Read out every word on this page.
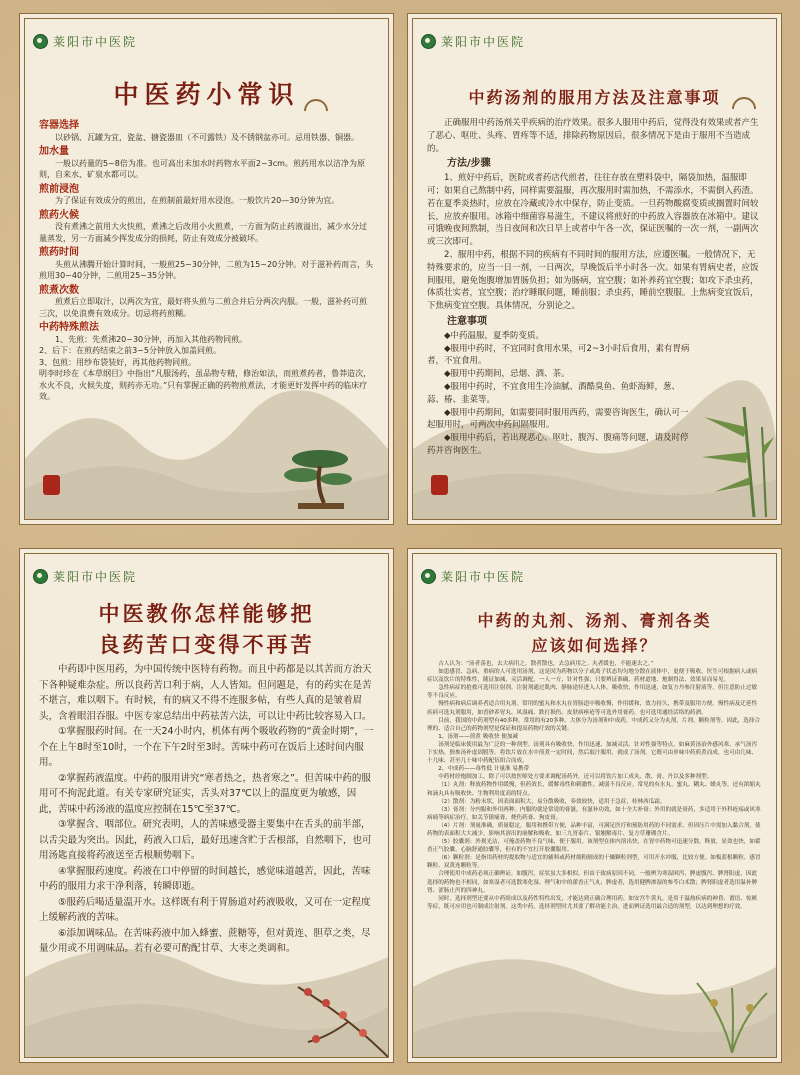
莱阳市中医院
中医药小常识
容器选择
以砂锅、瓦罐为宜，瓷盆、搪瓷器皿（不可露铁）及不锈钢盆亦可。忌用铁器、铜器。
加水量
一般以药量的5~8倍为准。也可高出末加水时药物水平面2~3cm。煎药用水以洁净为原则，自来水、矿泉水都可以。
煎前浸泡
为了保证有效成分的煎出，在煎制前最好用水浸泡。一般饮片20—30分钟为宜。
煎药火候
没有煮沸之前用大火快煎，煮沸之后改用小火煎煮，一方面为防止药液溢出，减少水分过量蒸发，另一方面减少挥发成分的损耗，防止有效成分被破坏。
煎药时间
头煎从沸腾开始计算时间，一般煎25~30分钟，二煎为15~20分钟。对于滋补药而言，头煎用30~40分钟，二煎用25~35分钟。
煎煮次数
煎煮后立即取汁，以两次为宜，最好将头煎与二煎合并后分两次内服。一般，滋补药可煎三次，以免浪费有效成分。切忌将药煎糊。
中药特殊煎法
1、先煎：先煮沸20~30分钟，再加入其他药物同煎。
2、后下：在煎药结束之前3~5分钟放入加盖同煎。
3、包煎：用纱布袋装好，再其他药物同煎。
明李时珍在《本草纲目》中指出“凡服汤药，虽品物专精，修治如法，而煎煮药者，鲁莽造次，水火不良，火候失度，则药亦无功。”只有掌握正确的药物煎煮法，才能更好发挥中药的临床疗效。
莱阳市中医院
中药汤剂的服用方法及注意事项

正确服用中药汤剂关乎疾病的治疗效果。很多人服用中药后，觉得没有效果或者产生了恶心、呕吐、头疼、胃疼等不适，排除药物原因后，很多情况下是由于服用不当造成的。

方法/步骤
1、煎好中药后，医院或者药店代煎者，往往存放在塑料袋中，隔袋加热，温服即可；如果自己熬制中药，同样需要温服，再次服用时需加热，不需添水，不需倒入药渣。若在夏季炎热时，应放在冷藏或冷水中保存，防止变质。一旦药物酸腐变质或搁置时间较长，应放弃服用。冰箱中细菌容易滋生，不建议将煎好的中药放入容器放在冰箱中。建议可饿晚夜间熬制，当日夜间和次日早上或者中午各一次，保证医嘱的一次一剂，一副两次或三次即可。
2、服用中药，根据不同的疾病有不同时间的服用方法，应遵医嘱。一般情况下，无特殊要求的，应当一日一剂，一日两次，早晚饭后半小时各一次。如果有胃病史者，应饭间服用，避免饱腹增加胃肠负担；如为肠病，宜空腹；如补养药宜空腹；如攻下杀虫药，体质壮实者，宜空腹；治疗睡眠问题，睡前服；杀虫药，睡前空腹服。上焦病变宜饭后，下焦病变宜空腹。具体情况，分别论之。
注意事项
◆中药温服，夏季防变质。
◆服用中药时，不宜同时食用水果，可2~3小时后食用，素有胃病者，不宜食用。
◆服用中药期间，忌烟、酒、茶。
◆服用中药时，不宜食用生冷油腻、酒酷臭鱼、鱼虾海鲜，葱、蒜、椿、韭菜等。
◆服用中药期间，如需要同时服用西药，需要咨询医生，确认可一起服用时，可两次中药间隔服用。
◆服用中药后，若出现恶心、呕吐、腹泻、腹痛等问题，请及时停药并咨询医生。
莱阳市中医院
中医教你怎样能够把
良药苦口变得不再苦
中药即中医用药，为中国传统中医特有药物。而且中药都是以其苦而方治天下各种疑难杂症。所以良药苦口利于病，人人皆知。但问题是，有的药实在是苦不堪言，难以咽下。有时候，有的病又不得不连服多帖，有些人真的是皱着眉头，含着眼泪吞服。中医专家总结出中药祛苦六法，可以让中药比较容易入口。
①掌握服药时间。在一天24小时内，机体有两个吸收药物的“黄金时期”，一个在上午8时至10时，一个在下午2时至3时。苦味中药可在饭后上述时间内服用。
②掌握药液温度。中药的服用讲究“寒者热之，热者寒之”。但苦味中药的服用可不拘泥此道。有关专家研究证实，舌头对37℃以上的温度更为敏感，因此，苦味中药汤液的温度应控制在15℃至37℃。
③掌握含、咽部位。研究表明，人的苦味感受器主要集中在舌头的前半部，以舌尖最为突出。因此，药液入口后，最好迅速含贮于舌根部，自然咽下，也可用汤匙直接将药液送至舌根顺势咽下。
④掌握服药速度。药液在口中停留的时间越长，感觉味道越苦，因此，苦味中药的服用力求干净利落，转瞬即逝。
⑤服药后喝适量温开水。这样既有利于胃肠道对药液吸收，又可在一定程度上缓解药液的苦味。
⑥添加调味品。在苦味药液中加入蜂蜜、蔗糖等，但对黄连、胆草之类，尽量少用或不用调味品。若有必要可酌配甘草、大枣之类调和。
莱阳市中医院
中药的丸剂、汤剂、膏剂各类
应该如何选择？
古人认为：“汤者荡也，去大病用之。散者散也，去急病用之。丸者缓也，不能速去之。”
如患感冒、急病、重病的人可选用汤剂，这是因为药物以分子或离子状态均匀地分散在液体中，更便于吸收。医生可根据病人或病症以及饮片的特殊性，随证加减，灵活调配，一人一方，针对性强；只要辨证准确、药材道地、炮制得法，效果显而易见。
急性病症的抢救可选用注射剂。注射剂通过肌肉、静脉途径进入人体，吸收快，作用迅速，如复方丹参注射液等，但注意防止过敏等不良反应。
慢性病和病后调养者适合用丸剂。常用的蜜丸和水丸在胃肠道中吸收慢，作用缓和，效力持久，携带及服用方便。慢性病及迁延性疾病可选丸剂服用，如香砂养胃丸、风湿痛、跌打损伤、皮肤病痤疮等可选外用膏药，也可选用通经活络的药酒。
目前，我国的中药剂型有40多种，常用的有20多种。大体分为汤剂和中成药，中成药又分为丸剂、片剂、颗粒剂等。因此，选择合理的、适合自己的药物剂型是保证和提高药物疗效的关键。
1、汤剂——煎煮 吸收快 便加减
汤剂是临床使用最为广泛的一种剂型。汤剂具有吸收快、作用迅速、加减灵活、针对性强等特点。如麻黄汤治外感风寒、承气汤泻下实热、独参汤补虚固脱等。将饮片放在水中煎煮一定时间，然后取汁服用，就成了汤剂。它既可由单味中药煎煮而成，也可由几味、十几味、甚至几十味中药配伍组合而成。
2、中成药——毒性低 计量准 易携带
中药材经炮制加工，除了可以按医师处方要求调配汤药外，还可以将饮片加工成丸、散、膏、丹以及多种剂型。
（1）丸剂：释放药物作用缓慢，但药效长，缓解毒性和刺激性。减弱不良反应。常见的有水丸、蜜丸、糊丸、蜡丸等，还有浓缩丸和滴丸具有吸收快、生物利用度高的特点。
（2）散剂：为粉末状，因表面面积大，易分散吸收，奏效较快，适用于急症，桂林西瓜霜。
（3）膏剂：分内服和外用两种。内服的就是常说的膏滋，有滋补功效，如十全大补膏；外用的就是膏药，多适用于外科疮疡或风寒病痛等病症治疗，如关节镇痛膏、烧伤药膏、狗皮膏。
（4）片剂：剂量准确，质量稳定，服用和携带方便，品种丰富，可满足医疗和预防用药的不同需求，但因压片中需加入黏合剂，使药物的表面积大大减少，影响其溶出的崩解和吸收，如三九胃泰片、银翘解毒片、复方草珊瑚含片。
（5）胶囊剂：外观光洁，可掩盖药物不良气味，便于服用。该剂型在体内溶出快，在胃中药物可迅速分散，释放，显效也快，如藿香正气胶囊、心脑舒通胶囊等，但有的不宜打开胶囊服用。
（6）颗粒剂：是指用药材的提取物与适宜的辅料或药材细粉制成的干燥颗粒剂型，可用开水冲服，比较方便。如板蓝根颗粒、感冒颗粒、双黄连颗粒等。
合理使用中成药必须正确辨证。如腹泻，症状虽大多相似，但由于致病原因不同，一般辨为寒湿困泻、脾虚腹泻、脾肾阳虚，因此选择的药物也不相同，如寒湿者可选散寒化湿、理气和中的藿香正气丸；脾虚者，选用健脾渗湿的参苓白术散；脾肾阳虚者选用温补脾肾、涩肠止泻的四神丸。
同时，选择剂型还要从中药组成以及药性特性出发，才能达到正确合理用药。如安宫牛黄丸，是用于温热疾病的神昏、谵语、惊厥等症，既可应用也可制成注射剂。这类中药，选择剂型时尤其要了解功能主治，进而辨证选用最合适的剂型，以达到理想的疗效。
